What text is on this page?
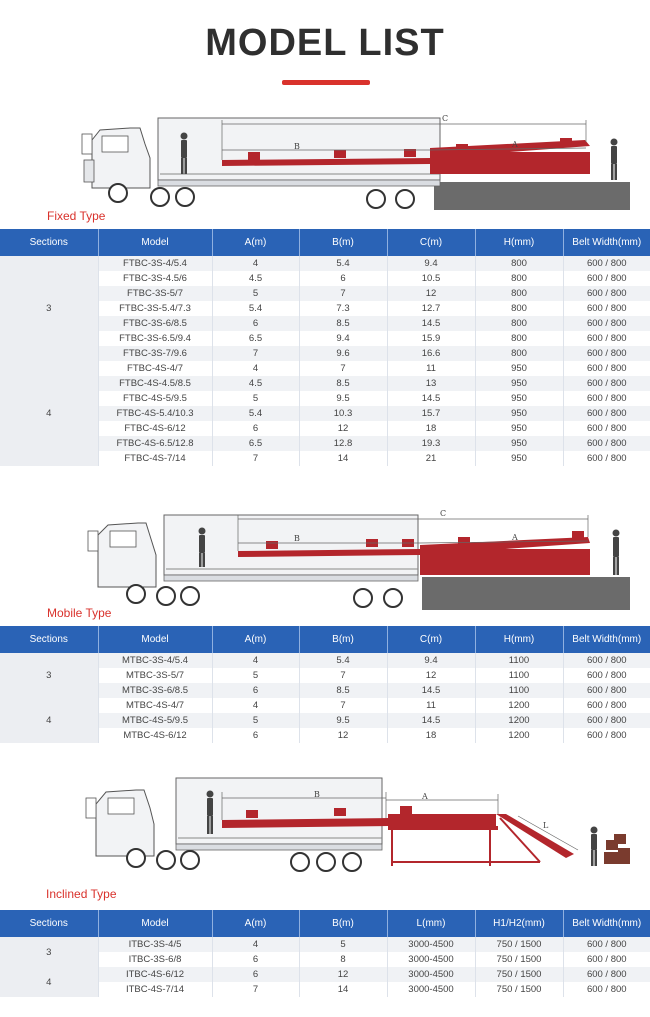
MODEL LIST
C
B	A
Fixed Type
Sections	Model	A(m)	B(m)	C(m)	H(mm)	Belt Width(mm)
3	FTBC-3S-4/5.4	4	5.4	9.4	800	600 / 800
	FTBC-3S-4.5/6	4.5	6	10.5	800	600 / 800
	FTBC-3S-5/7	5	7	12	800	600 / 800
	FTBC-3S-5.4/7.3	5.4	7.3	12.7	800	600 / 800
	FTBC-3S-6/8.5	6	8.5	14.5	800	600 / 800
	FTBC-3S-6.5/9.4	6.5	9.4	15.9	800	600 / 800
	FTBC-3S-7/9.6	7	9.6	16.6	800	600 / 800
4	FTBC-4S-4/7	4	7	11	950	600 / 800
	FTBC-4S-4.5/8.5	4.5	8.5	13	950	600 / 800
	FTBC-4S-5/9.5	5	9.5	14.5	950	600 / 800
	FTBC-4S-5.4/10.3	5.4	10.3	15.7	950	600 / 800
	FTBC-4S-6/12	6	12	18	950	600 / 800
	FTBC-4S-6.5/12.8	6.5	12.8	19.3	950	600 / 800
	FTBC-4S-7/14	7	14	21	950	600 / 800
C
B	A
Mobile Type
Sections	Model	A(m)	B(m)	C(m)	H(mm)	Belt Width(mm)
3	MTBC-3S-4/5.4	4	5.4	9.4	1100	600 / 800
	MTBC-3S-5/7	5	7	12	1100	600 / 800
	MTBC-3S-6/8.5	6	8.5	14.5	1100	600 / 800
4	MTBC-4S-4/7	4	7	11	1200	600 / 800
	MTBC-4S-5/9.5	5	9.5	14.5	1200	600 / 800
	MTBC-4S-6/12	6	12	18	1200	600 / 800
B	A
L
Inclined Type
Sections	Model	A(m)	B(m)	L(mm)	H1/H2(mm)	Belt Width(mm)
3	ITBC-3S-4/5	4	5	3000-4500	750 / 1500	600 / 800
	ITBC-3S-6/8	6	8	3000-4500	750 / 1500	600 / 800
4	ITBC-4S-6/12	6	12	3000-4500	750 / 1500	600 / 800
	ITBC-4S-7/14	7	14	3000-4500	750 / 1500	600 / 800
